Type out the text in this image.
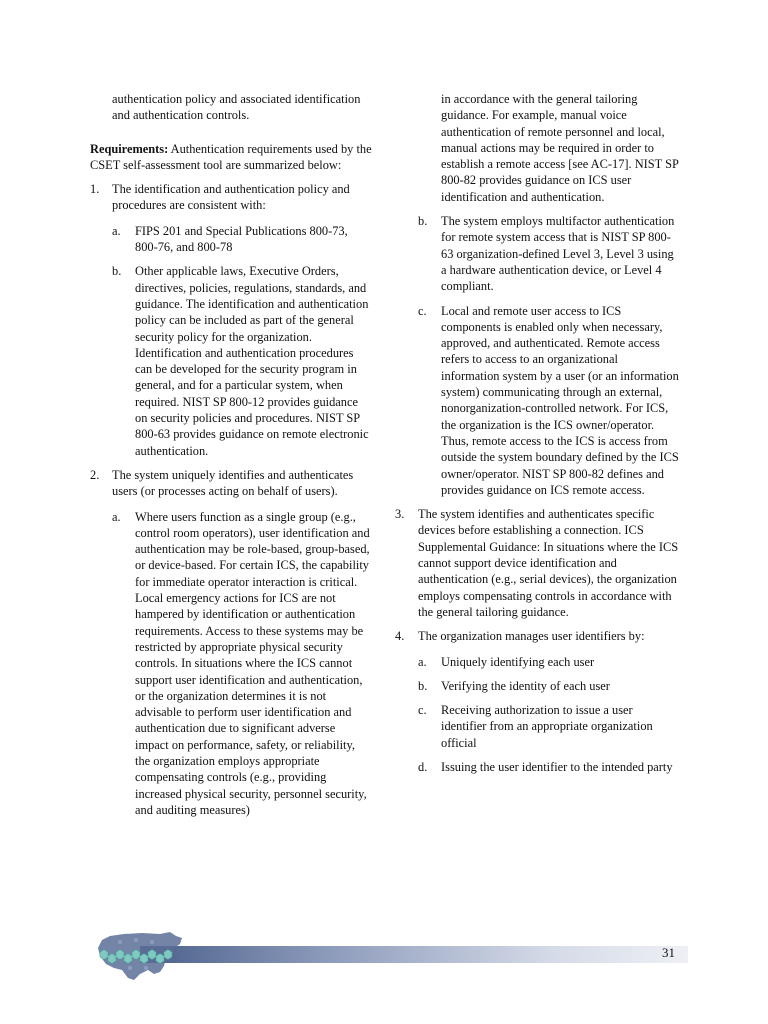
authentication policy and associated identification and authentication controls.

Requirements: Authentication requirements used by the CSET self-assessment tool are summarized below:

1.	The identification and authentication policy and procedures are consistent with:
a.	FIPS 201 and Special Publications 800-73, 800-76, and 800-78
b.	Other applicable laws, Executive Orders, directives, policies, regulations, standards, and guidance. The identification and authentication policy can be included as part of the general security policy for the organization. Identification and authentication procedures can be developed for the security program in general, and for a particular system, when required. NIST SP 800-12 provides guidance on security policies and procedures. NIST SP 800-63 provides guidance on remote electronic authentication.
2.	The system uniquely identifies and authenticates users (or processes acting on behalf of users).
a.	Where users function as a single group (e.g., control room operators), user identification and authentication may be role-based, group-based, or device-based. For certain ICS, the capability for immediate operator interaction is critical. Local emergency actions for ICS are not hampered by identification or authentication requirements. Access to these systems may be restricted by appropriate physical security controls. In situations where the ICS cannot support user identification and authentication, or the organization determines it is not advisable to perform user identification and authentication due to significant adverse impact on performance, safety, or reliability, the organization employs appropriate compensating controls (e.g., providing increased physical security, personnel security, and auditing measures)

in accordance with the general tailoring guidance. For example, manual voice authentication of remote personnel and local, manual actions may be required in order to establish a remote access [see AC-17]. NIST SP 800-82 provides guidance on ICS user identification and authentication.

b.	The system employs multifactor authentication for remote system access that is NIST SP 800-63 organization-defined Level 3, Level 3 using a hardware authentication device, or Level 4 compliant.
c.	Local and remote user access to ICS components is enabled only when necessary, approved, and authenticated. Remote access refers to access to an organizational information system by a user (or an information system) communicating through an external, nonorganization-controlled network. For ICS, the organization is the ICS owner/operator. Thus, remote access to the ICS is access from outside the system boundary defined by the ICS owner/operator. NIST SP 800-82 defines and provides guidance on ICS remote access.
3.	The system identifies and authenticates specific devices before establishing a connection. ICS Supplemental Guidance: In situations where the ICS cannot support device identification and authentication (e.g., serial devices), the organization employs compensating controls in accordance with the general tailoring guidance.
4.	The organization manages user identifiers by:
a.	Uniquely identifying each user
b.	Verifying the identity of each user
c.	Receiving authorization to issue a user identifier from an appropriate organization official
d.	Issuing the user identifier to the intended party
31
